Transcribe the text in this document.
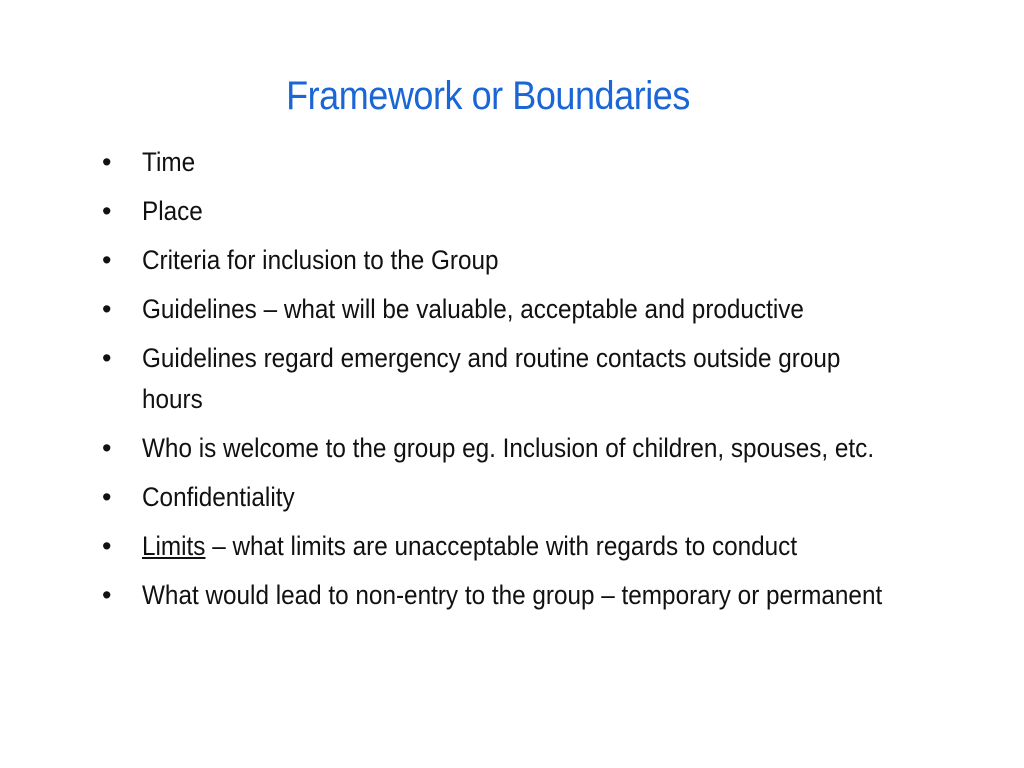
Framework or Boundaries
•	Time
•	Place
•	Criteria for inclusion to the Group
•	Guidelines – what will be valuable, acceptable and productive
•	Guidelines regard emergency and routine contacts outside group hours
•	Who is welcome to the group eg. Inclusion of children, spouses, etc.
•	Confidentiality
•	Limits – what limits are unacceptable with regards to conduct
•	What would lead to non-entry to the group – temporary or permanent
